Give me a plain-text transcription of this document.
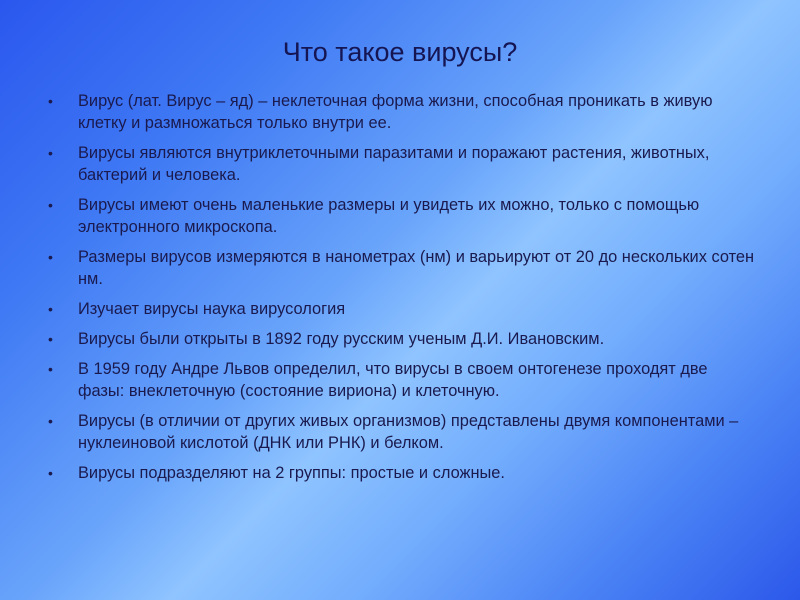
Что такое вирусы?
• Вирус (лат. Вирус – яд) – неклеточная форма жизни, способная проникать в живую клетку и размножаться только внутри ее.
• Вирусы являются внутриклеточными паразитами и поражают растения, животных, бактерий и человека.
• Вирусы имеют очень маленькие размеры и увидеть их можно, только с помощью электронного микроскопа.
• Размеры вирусов измеряются в нанометрах (нм) и варьируют от 20 до нескольких сотен нм.
• Изучает вирусы наука вирусология
• Вирусы были открыты в 1892 году русским ученым Д.И. Ивановским.
• В 1959 году Андре Львов определил, что вирусы в своем онтогенезе проходят две фазы: внеклеточную (состояние вириона) и клеточную.
• Вирусы (в отличии от других живых организмов) представлены двумя компонентами – нуклеиновой кислотой (ДНК или РНК) и белком.
• Вирусы подразделяют на 2 группы: простые и сложные.
